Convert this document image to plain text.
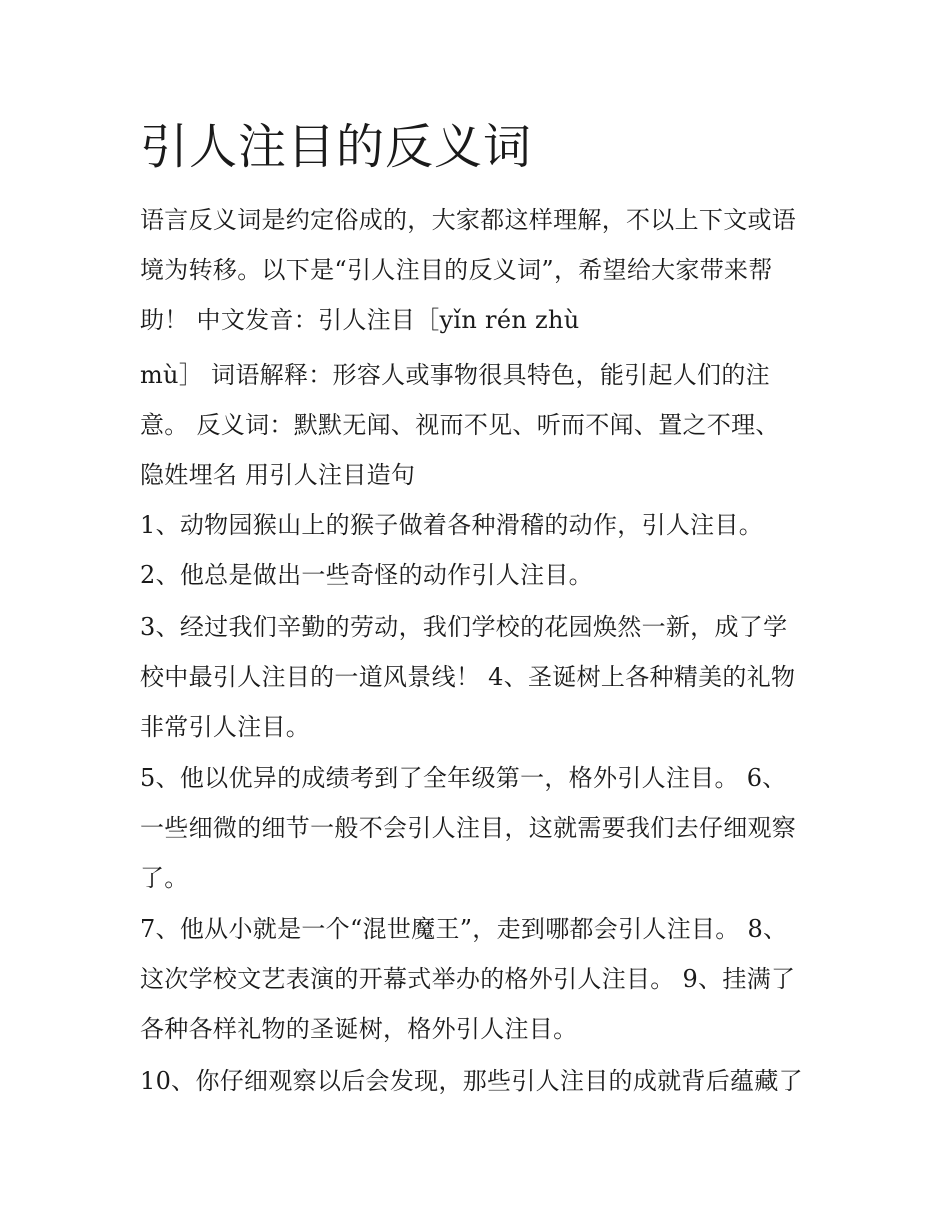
引人注目的反义词
语言反义词是约定俗成的，大家都这样理解，不以上下文或语
境为转移。以下是“引人注目的反义词”，希望给大家带来帮
助！ 中文发音：引人注目［yǐn rén zhù
mù］ 词语解释：形容人或事物很具特色，能引起人们的注
意。 反义词：默默无闻、视而不见、听而不闻、置之不理、
隐姓埋名 用引人注目造句
1、动物园猴山上的猴子做着各种滑稽的动作，引人注目。
2、他总是做出一些奇怪的动作引人注目。
3、经过我们辛勤的劳动，我们学校的花园焕然一新，成了学
校中最引人注目的一道风景线！ 4、圣诞树上各种精美的礼物
非常引人注目。
5、他以优异的成绩考到了全年级第一，格外引人注目。 6、
一些细微的细节一般不会引人注目，这就需要我们去仔细观察
了。
7、他从小就是一个“混世魔王”，走到哪都会引人注目。 8、
这次学校文艺表演的开幕式举办的格外引人注目。 9、挂满了
各种各样礼物的圣诞树，格外引人注目。
10、你仔细观察以后会发现，那些引人注目的成就背后蕴藏了
